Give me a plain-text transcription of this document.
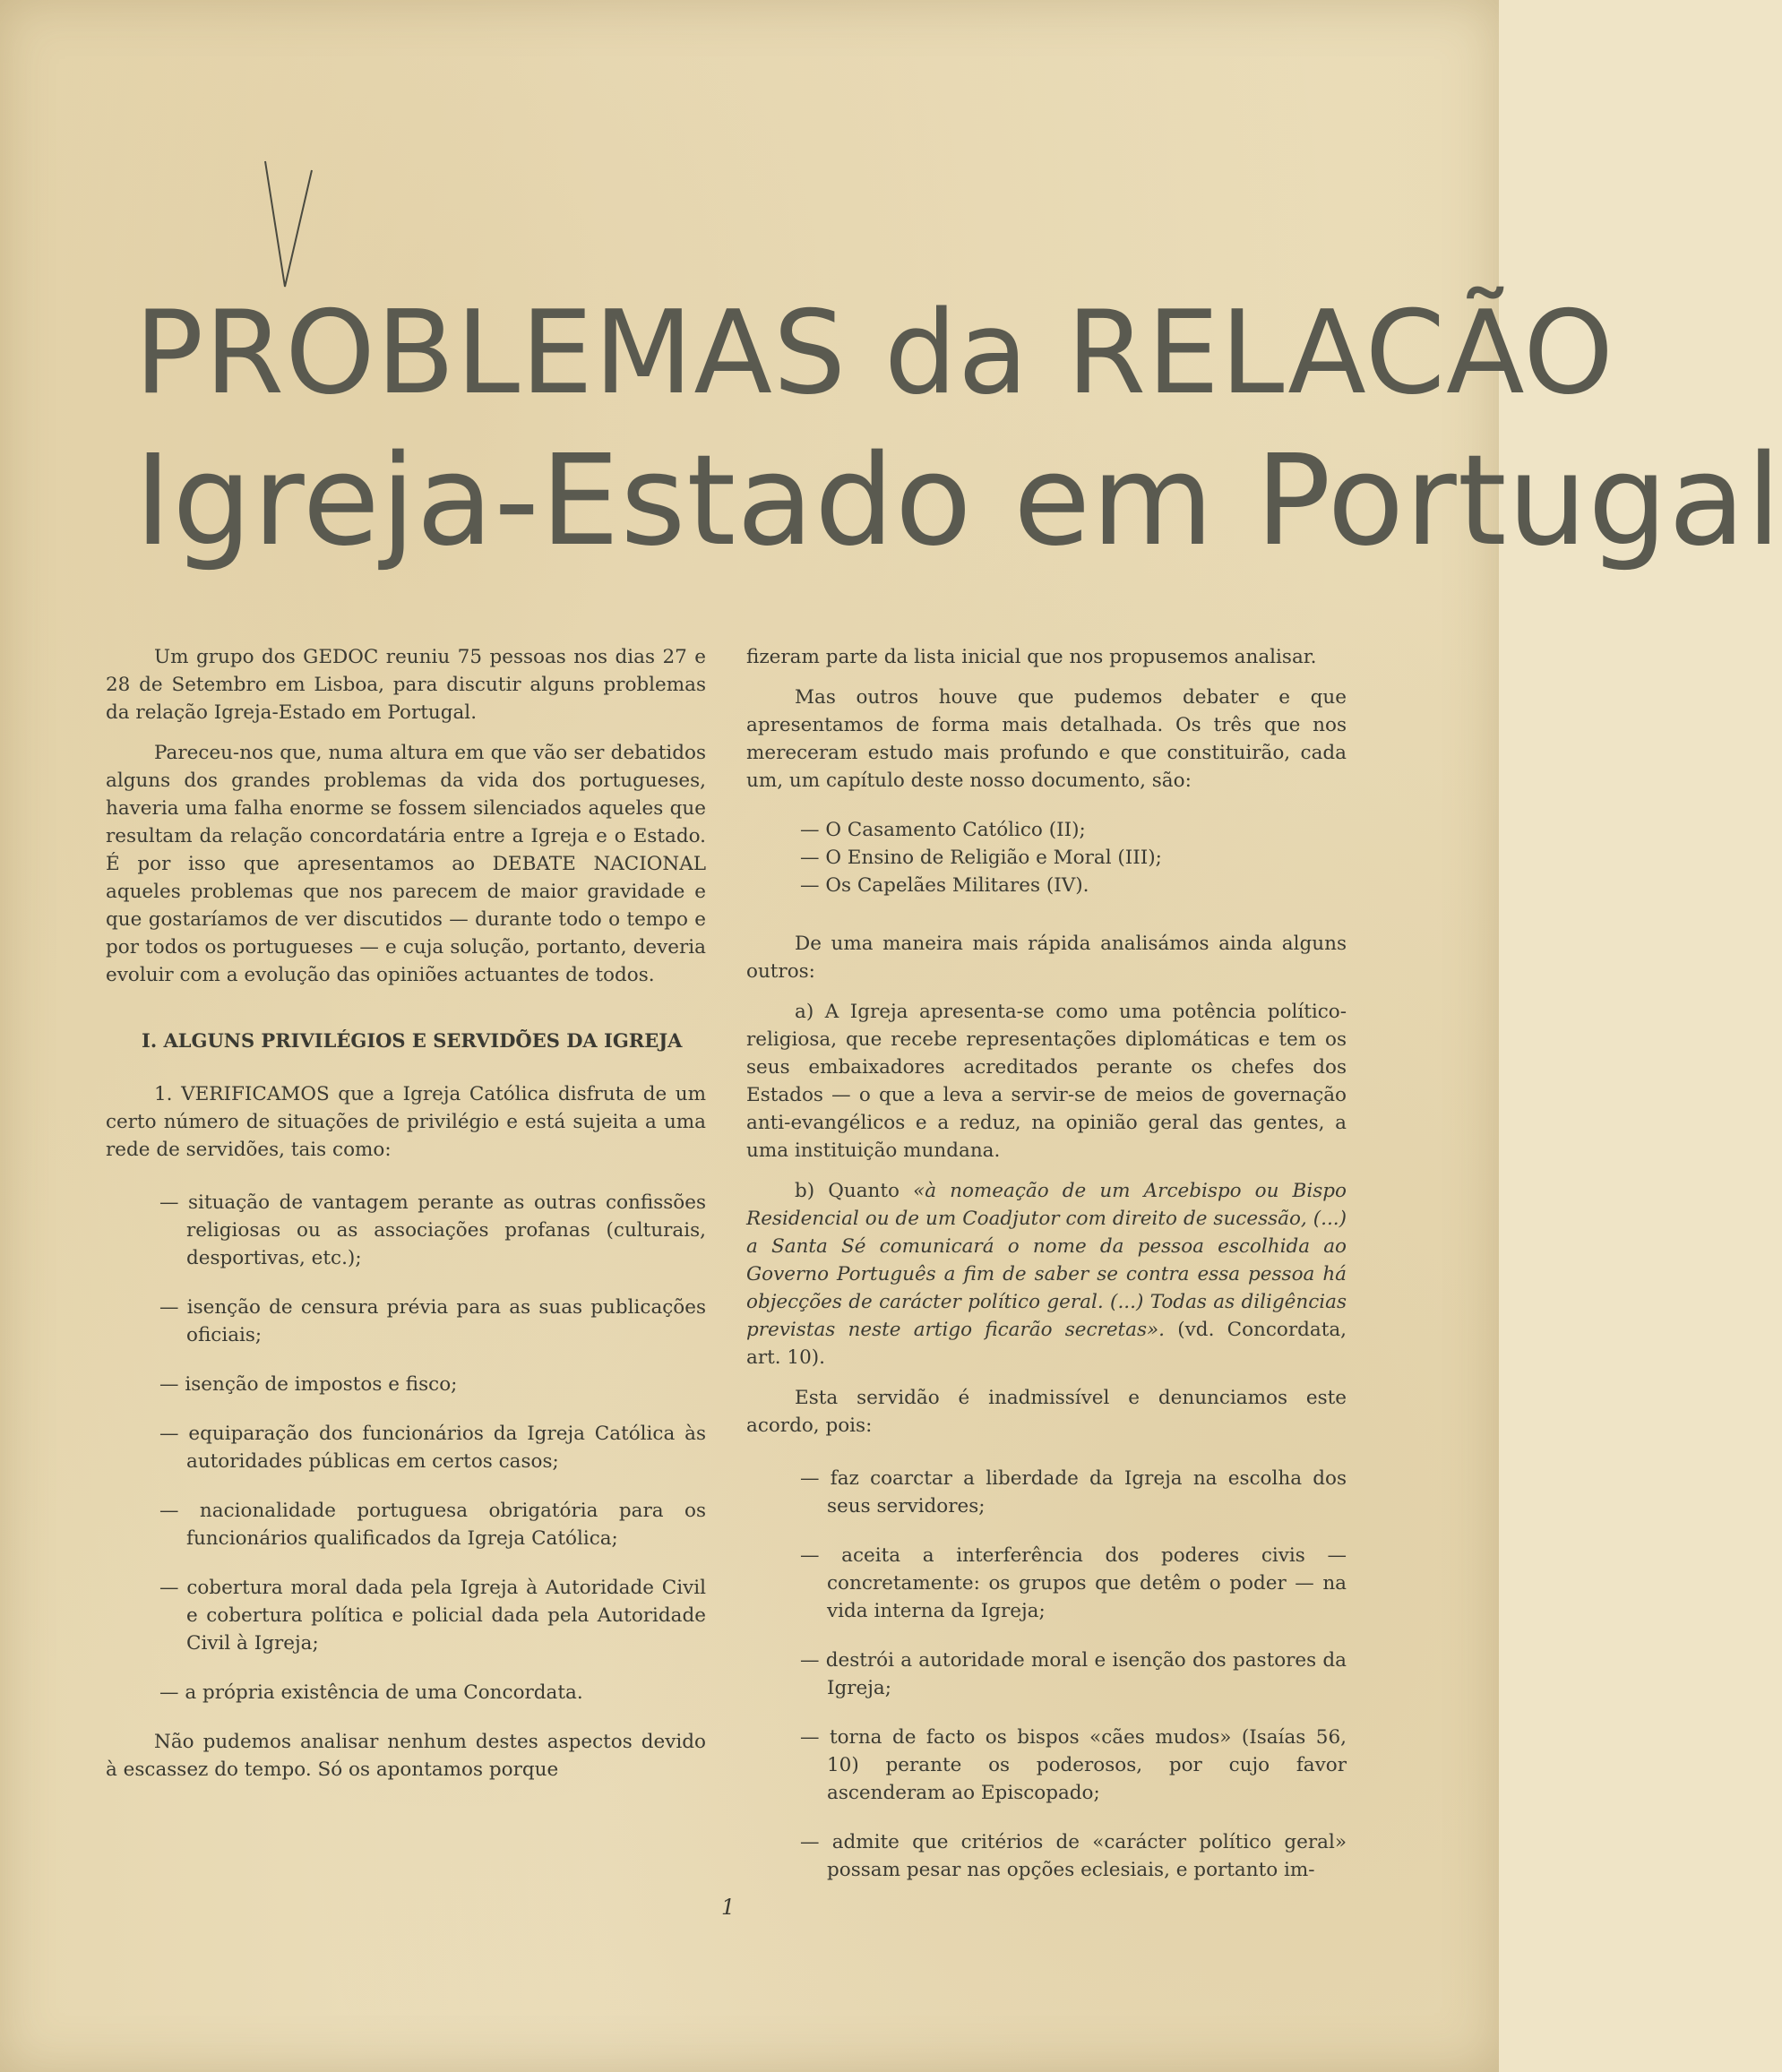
PROBLEMAS da RELACÃO
Igreja-Estado em Portugal

Um grupo dos GEDOC reuniu 75 pessoas nos dias 27 e 28 de Setembro em Lisboa, para discutir alguns problemas da relação Igreja-Estado em Portugal.

Pareceu-nos que, numa altura em que vão ser debatidos alguns dos grandes problemas da vida dos portugueses, haveria uma falha enorme se fossem silenciados aqueles que resultam da relação concordatária entre a Igreja e o Estado. É por isso que apresentamos ao DEBATE NACIONAL aqueles problemas que nos parecem de maior gravidade e que gostaríamos de ver discutidos — durante todo o tempo e por todos os portugueses — e cuja solução, portanto, deveria evoluir com a evolução das opiniões actuantes de todos.

I. ALGUNS PRIVILÉGIOS E SERVIDÕES DA IGREJA

1. VERIFICAMOS que a Igreja Católica disfruta de um certo número de situações de privilégio e está sujeita a uma rede de servidões, tais como:

— situação de vantagem perante as outras confissões religiosas ou as associações profanas (culturais, desportivas, etc.);
— isenção de censura prévia para as suas publicações oficiais;
— isenção de impostos e fisco;
— equiparação dos funcionários da Igreja Católica às autoridades públicas em certos casos;
— nacionalidade portuguesa obrigatória para os funcionários qualificados da Igreja Católica;
— cobertura moral dada pela Igreja à Autoridade Civil e cobertura política e policial dada pela Autoridade Civil à Igreja;
— a própria existência de uma Concordata.

Não pudemos analisar nenhum destes aspectos devido à escassez do tempo. Só os apontamos porque

fizeram parte da lista inicial que nos propusemos analisar.

Mas outros houve que pudemos debater e que apresentamos de forma mais detalhada. Os três que nos mereceram estudo mais profundo e que constituirão, cada um, um capítulo deste nosso documento, são:

— O Casamento Católico (II);
— O Ensino de Religião e Moral (III);
— Os Capelães Militares (IV).

De uma maneira mais rápida analisámos ainda alguns outros:

a) A Igreja apresenta-se como uma potência político-religiosa, que recebe representações diplomáticas e tem os seus embaixadores acreditados perante os chefes dos Estados — o que a leva a servir-se de meios de governação anti-evangélicos e a reduz, na opinião geral das gentes, a uma instituição mundana.

b) Quanto «à nomeação de um Arcebispo ou Bispo Residencial ou de um Coadjutor com direito de sucessão, (...) a Santa Sé comunicará o nome da pessoa escolhida ao Governo Português a fim de saber se contra essa pessoa há objecções de carácter político geral. (...) Todas as diligências previstas neste artigo ficarão secretas». (vd. Concordata, art. 10).

Esta servidão é inadmissível e denunciamos este acordo, pois:

— faz coarctar a liberdade da Igreja na escolha dos seus servidores;
— aceita a interferência dos poderes civis — concretamente: os grupos que detêm o poder — na vida interna da Igreja;
— destrói a autoridade moral e isenção dos pastores da Igreja;
— torna de facto os bispos «cães mudos» (Isaías 56, 10) perante os poderosos, por cujo favor ascenderam ao Episcopado;
— admite que critérios de «carácter político geral» possam pesar nas opções eclesiais, e portanto im-
1
